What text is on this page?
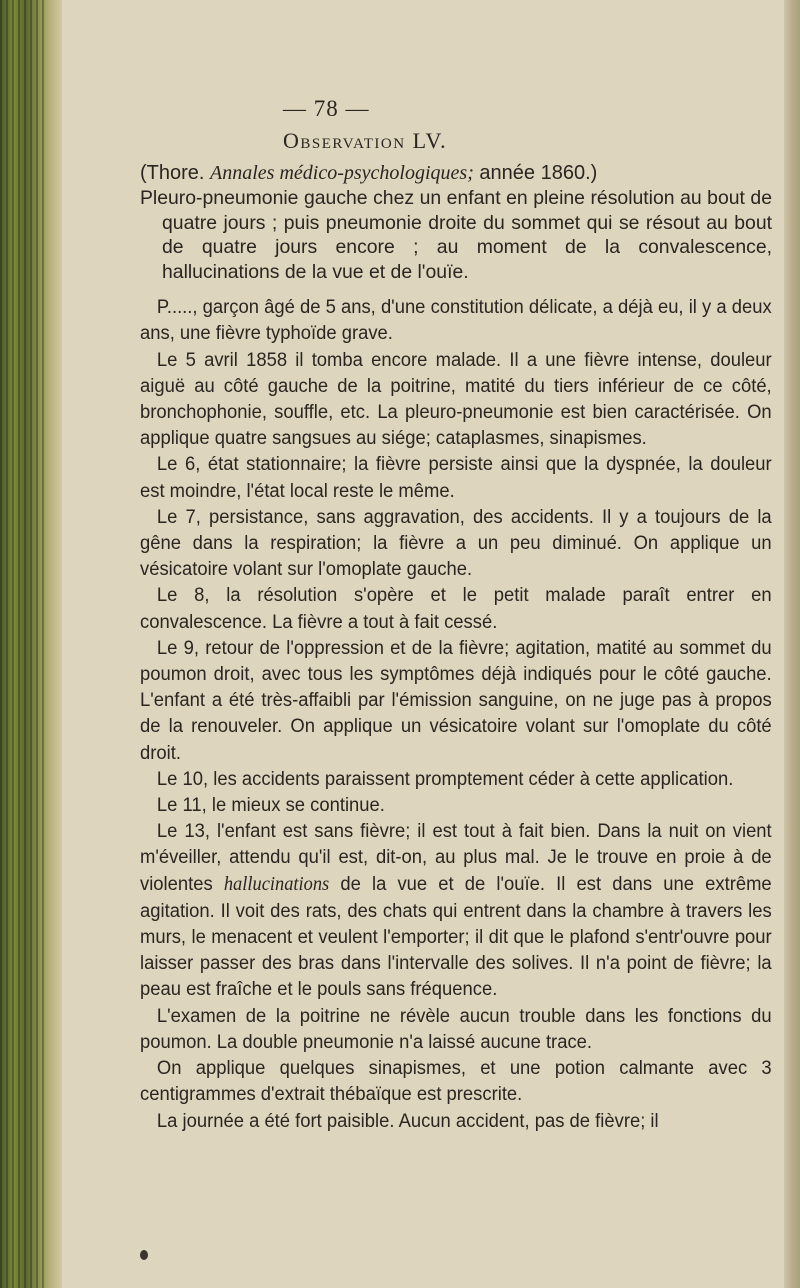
— 78 —
Observation LV.

(Thore. Annales médico-psychologiques; année 1860.)

Pleuro-pneumonie gauche chez un enfant en pleine résolution au bout de quatre jours ; puis pneumonie droite du sommet qui se résout au bout de quatre jours encore ; au moment de la convalescence, hallucinations de la vue et de l'ouïe.

P....., garçon âgé de 5 ans, d'une constitution délicate, a déjà eu, il y a deux ans, une fièvre typhoïde grave.

Le 5 avril 1858 il tomba encore malade. Il a une fièvre intense, douleur aiguë au côté gauche de la poitrine, matité du tiers inférieur de ce côté, bronchophonie, souffle, etc. La pleuro-pneumonie est bien caractérisée. On applique quatre sangsues au siége; cataplasmes, sinapismes.

Le 6, état stationnaire; la fièvre persiste ainsi que la dyspnée, la douleur est moindre, l'état local reste le même.

Le 7, persistance, sans aggravation, des accidents. Il y a toujours de la gêne dans la respiration; la fièvre a un peu diminué. On applique un vésicatoire volant sur l'omoplate gauche.

Le 8, la résolution s'opère et le petit malade paraît entrer en convalescence. La fièvre a tout à fait cessé.

Le 9, retour de l'oppression et de la fièvre; agitation, matité au sommet du poumon droit, avec tous les symptômes déjà indiqués pour le côté gauche. L'enfant a été très-affaibli par l'émission sanguine, on ne juge pas à propos de la renouveler. On applique un vésicatoire volant sur l'omoplate du côté droit.

Le 10, les accidents paraissent promptement céder à cette application.

Le 11, le mieux se continue.

Le 13, l'enfant est sans fièvre; il est tout à fait bien. Dans la nuit on vient m'éveiller, attendu qu'il est, dit-on, au plus mal. Je le trouve en proie à de violentes hallucinations de la vue et de l'ouïe. Il est dans une extrême agitation. Il voit des rats, des chats qui entrent dans la chambre à travers les murs, le menacent et veulent l'emporter; il dit que le plafond s'entr'ouvre pour laisser passer des bras dans l'intervalle des solives. Il n'a point de fièvre; la peau est fraîche et le pouls sans fréquence.

L'examen de la poitrine ne révèle aucun trouble dans les fonctions du poumon. La double pneumonie n'a laissé aucune trace.

On applique quelques sinapismes, et une potion calmante avec 3 centigrammes d'extrait thébaïque est prescrite.

La journée a été fort paisible. Aucun accident, pas de fièvre; il
